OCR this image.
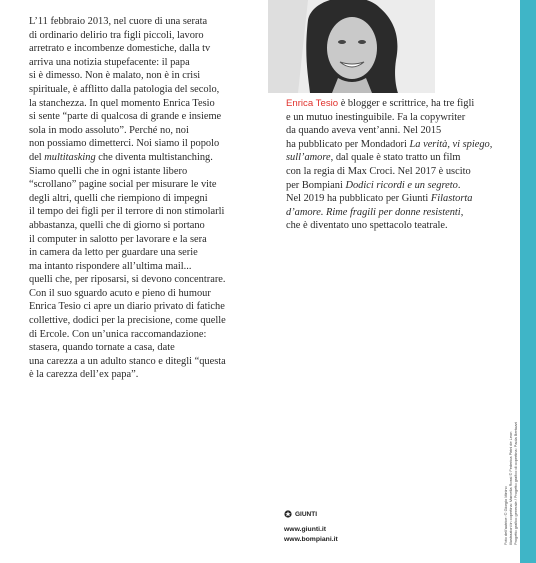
L’11 febbraio 2013, nel cuore di una serata
di ordinario delirio tra figli piccoli, lavoro
arretrato e incombenze domestiche, dalla tv
arriva una notizia stupefacente: il papa
si è dimesso. Non è malato, non è in crisi
spirituale, è afflitto dalla patologia del secolo,
la stanchezza. In quel momento Enrica Tesio
si sente “parte di qualcosa di grande e insieme
sola in modo assoluto”. Perché no, noi
non possiamo dimetterci. Noi siamo il popolo
del multitasking che diventa multistanching.
Siamo quelli che in ogni istante libero
“scrollano” pagine social per misurare le vite
degli altri, quelli che riempiono di impegni
il tempo dei figli per il terrore di non stimolarli
abbastanza, quelli che di giorno si portano
il computer in salotto per lavorare e la sera
in camera da letto per guardare una serie
ma intanto rispondere all’ultima mail...
quelli che, per riposarsi, si devono concentrare.
Con il suo sguardo acuto e pieno di humour
Enrica Tesio ci apre un diario privato di fatiche
collettive, dodici per la precisione, come quelle
di Ercole. Con un’unica raccomandazione:
stasera, quando tornate a casa, date
una carezza a un adulto stanco e ditegli “questa
è la carezza dell’ex papa”.
Enrica Tesio è blogger e scrittrice, ha tre figli
e un mutuo inestinguibile. Fa la copywriter
da quando aveva vent’anni. Nel 2015
ha pubblicato per Mondadori La verità, vi spiego,
sull’amore, dal quale è stato tratto un film
con la regia di Max Croci. Nel 2017 è uscito
per Bompiani Dodici ricordi e un segreto.
Nel 2019 ha pubblicato per Giunti Filastorta
d’amore. Rime fragili per donne resistenti,
che è diventato uno spettacolo teatrale.
GIUNTI
www.giunti.it
www.bompiani.it	Foto dell’autrice: © Giorgio Minino Illustrazioni in copertina: Marcella Rossi © Federica Pirini de Leon Progetto grafico generale / Progetto grafico di copertina: Paola Bertuzzi
